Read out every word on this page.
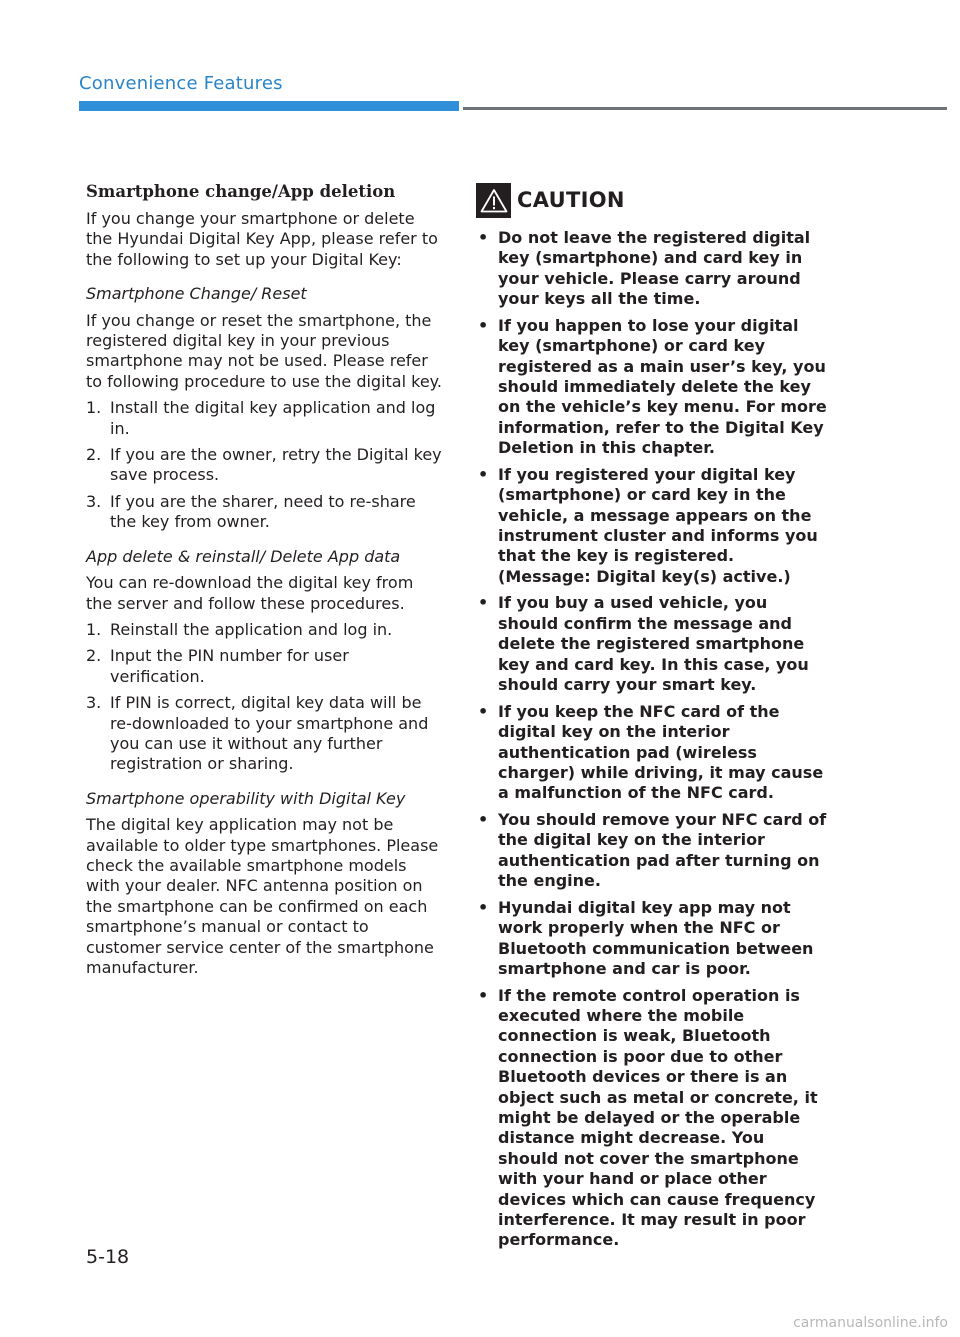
Convenience Features
Smartphone change/App deletion

If you change your smartphone or delete the Hyundai Digital Key App, please refer to the following to set up your Digital Key:

Smartphone Change/ Reset

If you change or reset the smartphone, the registered digital key in your previous smartphone may not be used. Please refer to following procedure to use the digital key.

1. Install the digital key application and log in.
2. If you are the owner, retry the Digital key save process.
3. If you are the sharer, need to re-share the key from owner.
App delete & reinstall/ Delete App data

You can re-download the digital key from the server and follow these procedures.

1. Reinstall the application and log in.
2. Input the PIN number for user verification.
3. If PIN is correct, digital key data will be re-downloaded to your smartphone and you can use it without any further registration or sharing.
Smartphone operability with Digital Key

The digital key application may not be available to older type smartphones. Please check the available smartphone models with your dealer. NFC antenna position on the smartphone can be confirmed on each smartphone’s manual or contact to customer service center of the smartphone manufacturer.

CAUTION
• Do not leave the registered digital key (smartphone) and card key in your vehicle. Please carry around your keys all the time.
• If you happen to lose your digital key (smartphone) or card key registered as a main user’s key, you should immediately delete the key on the vehicle’s key menu. For more information, refer to the Digital Key Deletion in this chapter.
• If you registered your digital key (smartphone) or card key in the vehicle, a message appears on the instrument cluster and informs you that the key is registered. (Message: Digital key(s) active.)
• If you buy a used vehicle, you should confirm the message and delete the registered smartphone key and card key. In this case, you should carry your smart key.
• If you keep the NFC card of the digital key on the interior authentication pad (wireless charger) while driving, it may cause a malfunction of the NFC card.
• You should remove your NFC card of the digital key on the interior authentication pad after turning on the engine.
• Hyundai digital key app may not work properly when the NFC or Bluetooth communication between smartphone and car is poor.
• If the remote control operation is executed where the mobile connection is weak, Bluetooth connection is poor due to other Bluetooth devices or there is an object such as metal or concrete, it might be delayed or the operable distance might decrease. You should not cover the smartphone with your hand or place other devices which can cause frequency interference. It may result in poor performance.
5-18
carmanualsonline.info
